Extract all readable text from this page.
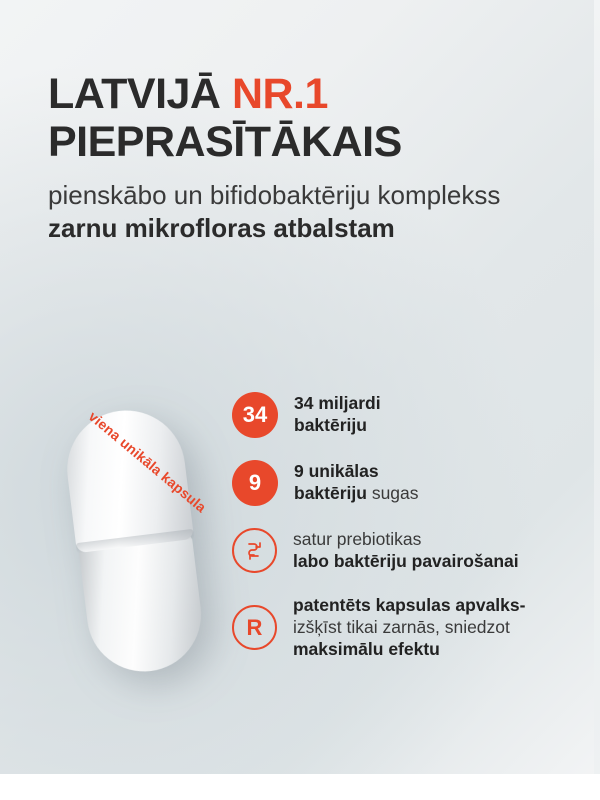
LATVIJĀ NR.1
PIEPRASĪTĀKAIS
pienskābo un bifidobaktēriju komplekss zarnu mikrofloras atbalstam
viena unikāla kapsula	34	34 miljardi
baktēriju
9	9 unikālas
baktēriju sugas
satur prebiotikas
labo baktēriju pavairošanai
R
patentēts kapsulas apvalks-
izšķīst tikai zarnās, sniedzot
maksimālu efektu
